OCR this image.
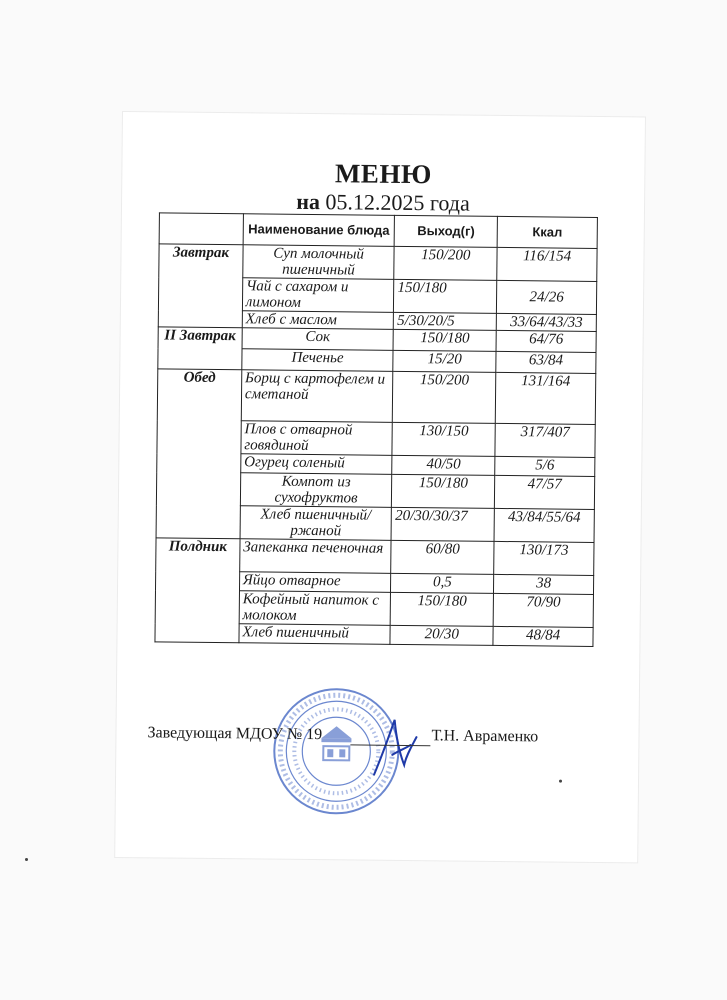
МЕНЮ
на 05.12.2025 года
	Наименование блюда	Выход(г)	Ккал
Завтрак	Суп молочный пшеничный	150/200	116/154
	Чай с сахаром и лимоном	150/180	24/26
	Хлеб с маслом	5/30/20/5	33/64/43/33
II Завтрак	Сок	150/180	64/76
	Печенье	15/20	63/84
Обед	Борщ с картофелем и сметаной	150/200	131/164
	Плов с отварной говядиной	130/150	317/407
	Огурец соленый	40/50	5/6
	Компот из сухофруктов	150/180	47/57
	Хлеб пшеничный/ржаной	20/30/30/37	43/84/55/64
Полдник	Запеканка печеночная	60/80	130/173
	Яйцо отварное	0,5	38
	Кофейный напиток с молоком	150/180	70/90
	Хлеб пшеничный	20/30	48/84
Заведующая МДОУ № 19	Т.Н. Авраменко
